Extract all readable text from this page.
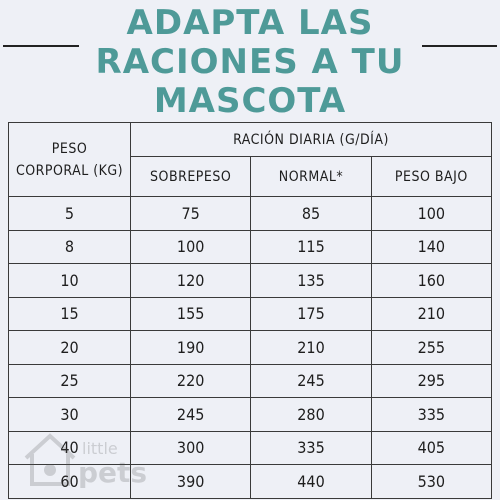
ADAPTA LAS
RACIONES A TU
MASCOTA
PESO
CORPORAL (KG)	RACIÓN DIARIA (G/DÍA)		
	SOBREPESO	NORMAL*	PESO BAJO
5	75	85	100
8	100	115	140
10	120	135	160
15	155	175	210
20	190	210	255
25	220	245	295
30	245	280	335
40	300	335	405
60	390	440	530
little
pets
